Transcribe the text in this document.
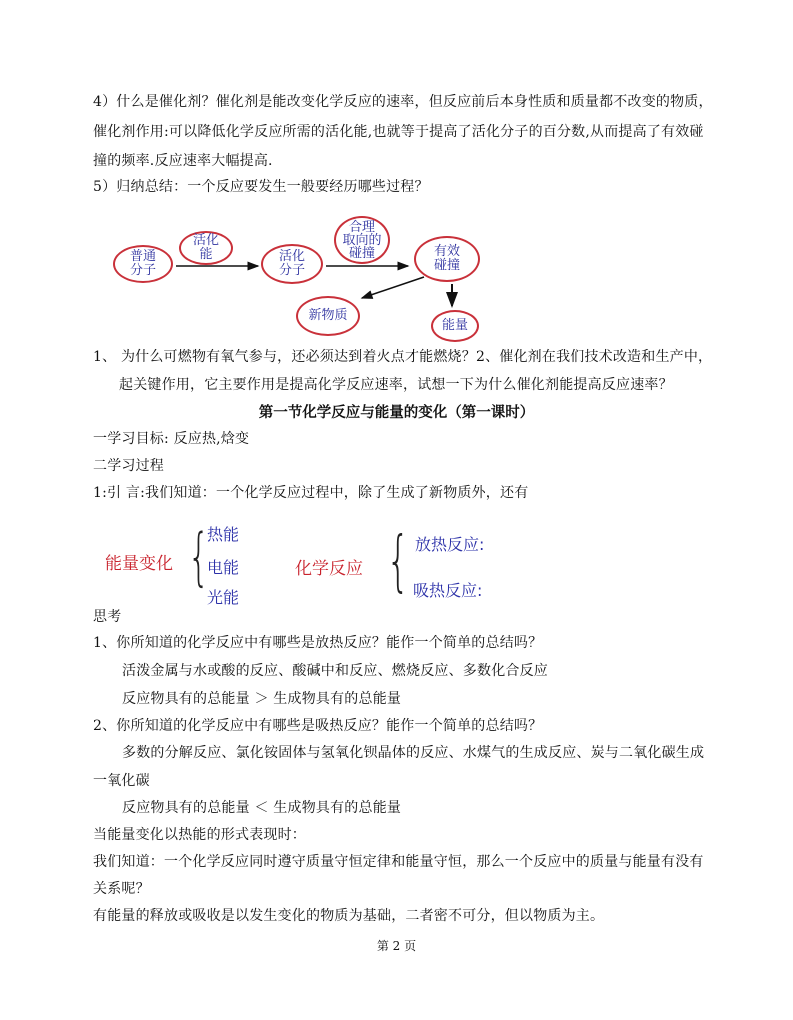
4）什么是催化剂？催化剂是能改变化学反应的速率，但反应前后本身性质和质量都不改变的物质，
催化剂作用:可以降低化学反应所需的活化能,也就等于提高了活化分子的百分数,从而提高了有效碰
撞的频率.反应速率大幅提高.
5）归纳总结：一个反应要发生一般要经历哪些过程？
普通
分子
活化
能	活化
分子
合理
取向的
碰撞	有效
碰撞
新物质
能量
1、 为什么可燃物有氧气参与，还必须达到着火点才能燃烧？2、催化剂在我们技术改造和生产中，
起关键作用，它主要作用是提高化学反应速率，试想一下为什么催化剂能提高反应速率？
第一节化学反应与能量的变化（第一课时）
一学习目标: 反应热,焓变
二学习过程
1:引 言:我们知道：一个化学反应过程中，除了生成了新物质外，还有
能量变化 {
热能
电能
光能
化学反应 { 放热反应:
吸热反应:
思考
1、你所知道的化学反应中有哪些是放热反应？能作一个简单的总结吗？
活泼金属与水或酸的反应、酸碱中和反应、燃烧反应、多数化合反应
反应物具有的总能量 ＞ 生成物具有的总能量
2、你所知道的化学反应中有哪些是吸热反应？能作一个简单的总结吗？
多数的分解反应、氯化铵固体与氢氧化钡晶体的反应、水煤气的生成反应、炭与二氧化碳生成
一氧化碳
反应物具有的总能量 ＜ 生成物具有的总能量
当能量变化以热能的形式表现时：
我们知道：一个化学反应同时遵守质量守恒定律和能量守恒，那么一个反应中的质量与能量有没有
关系呢？
有能量的释放或吸收是以发生变化的物质为基础，二者密不可分，但以物质为主。
第 2 页
